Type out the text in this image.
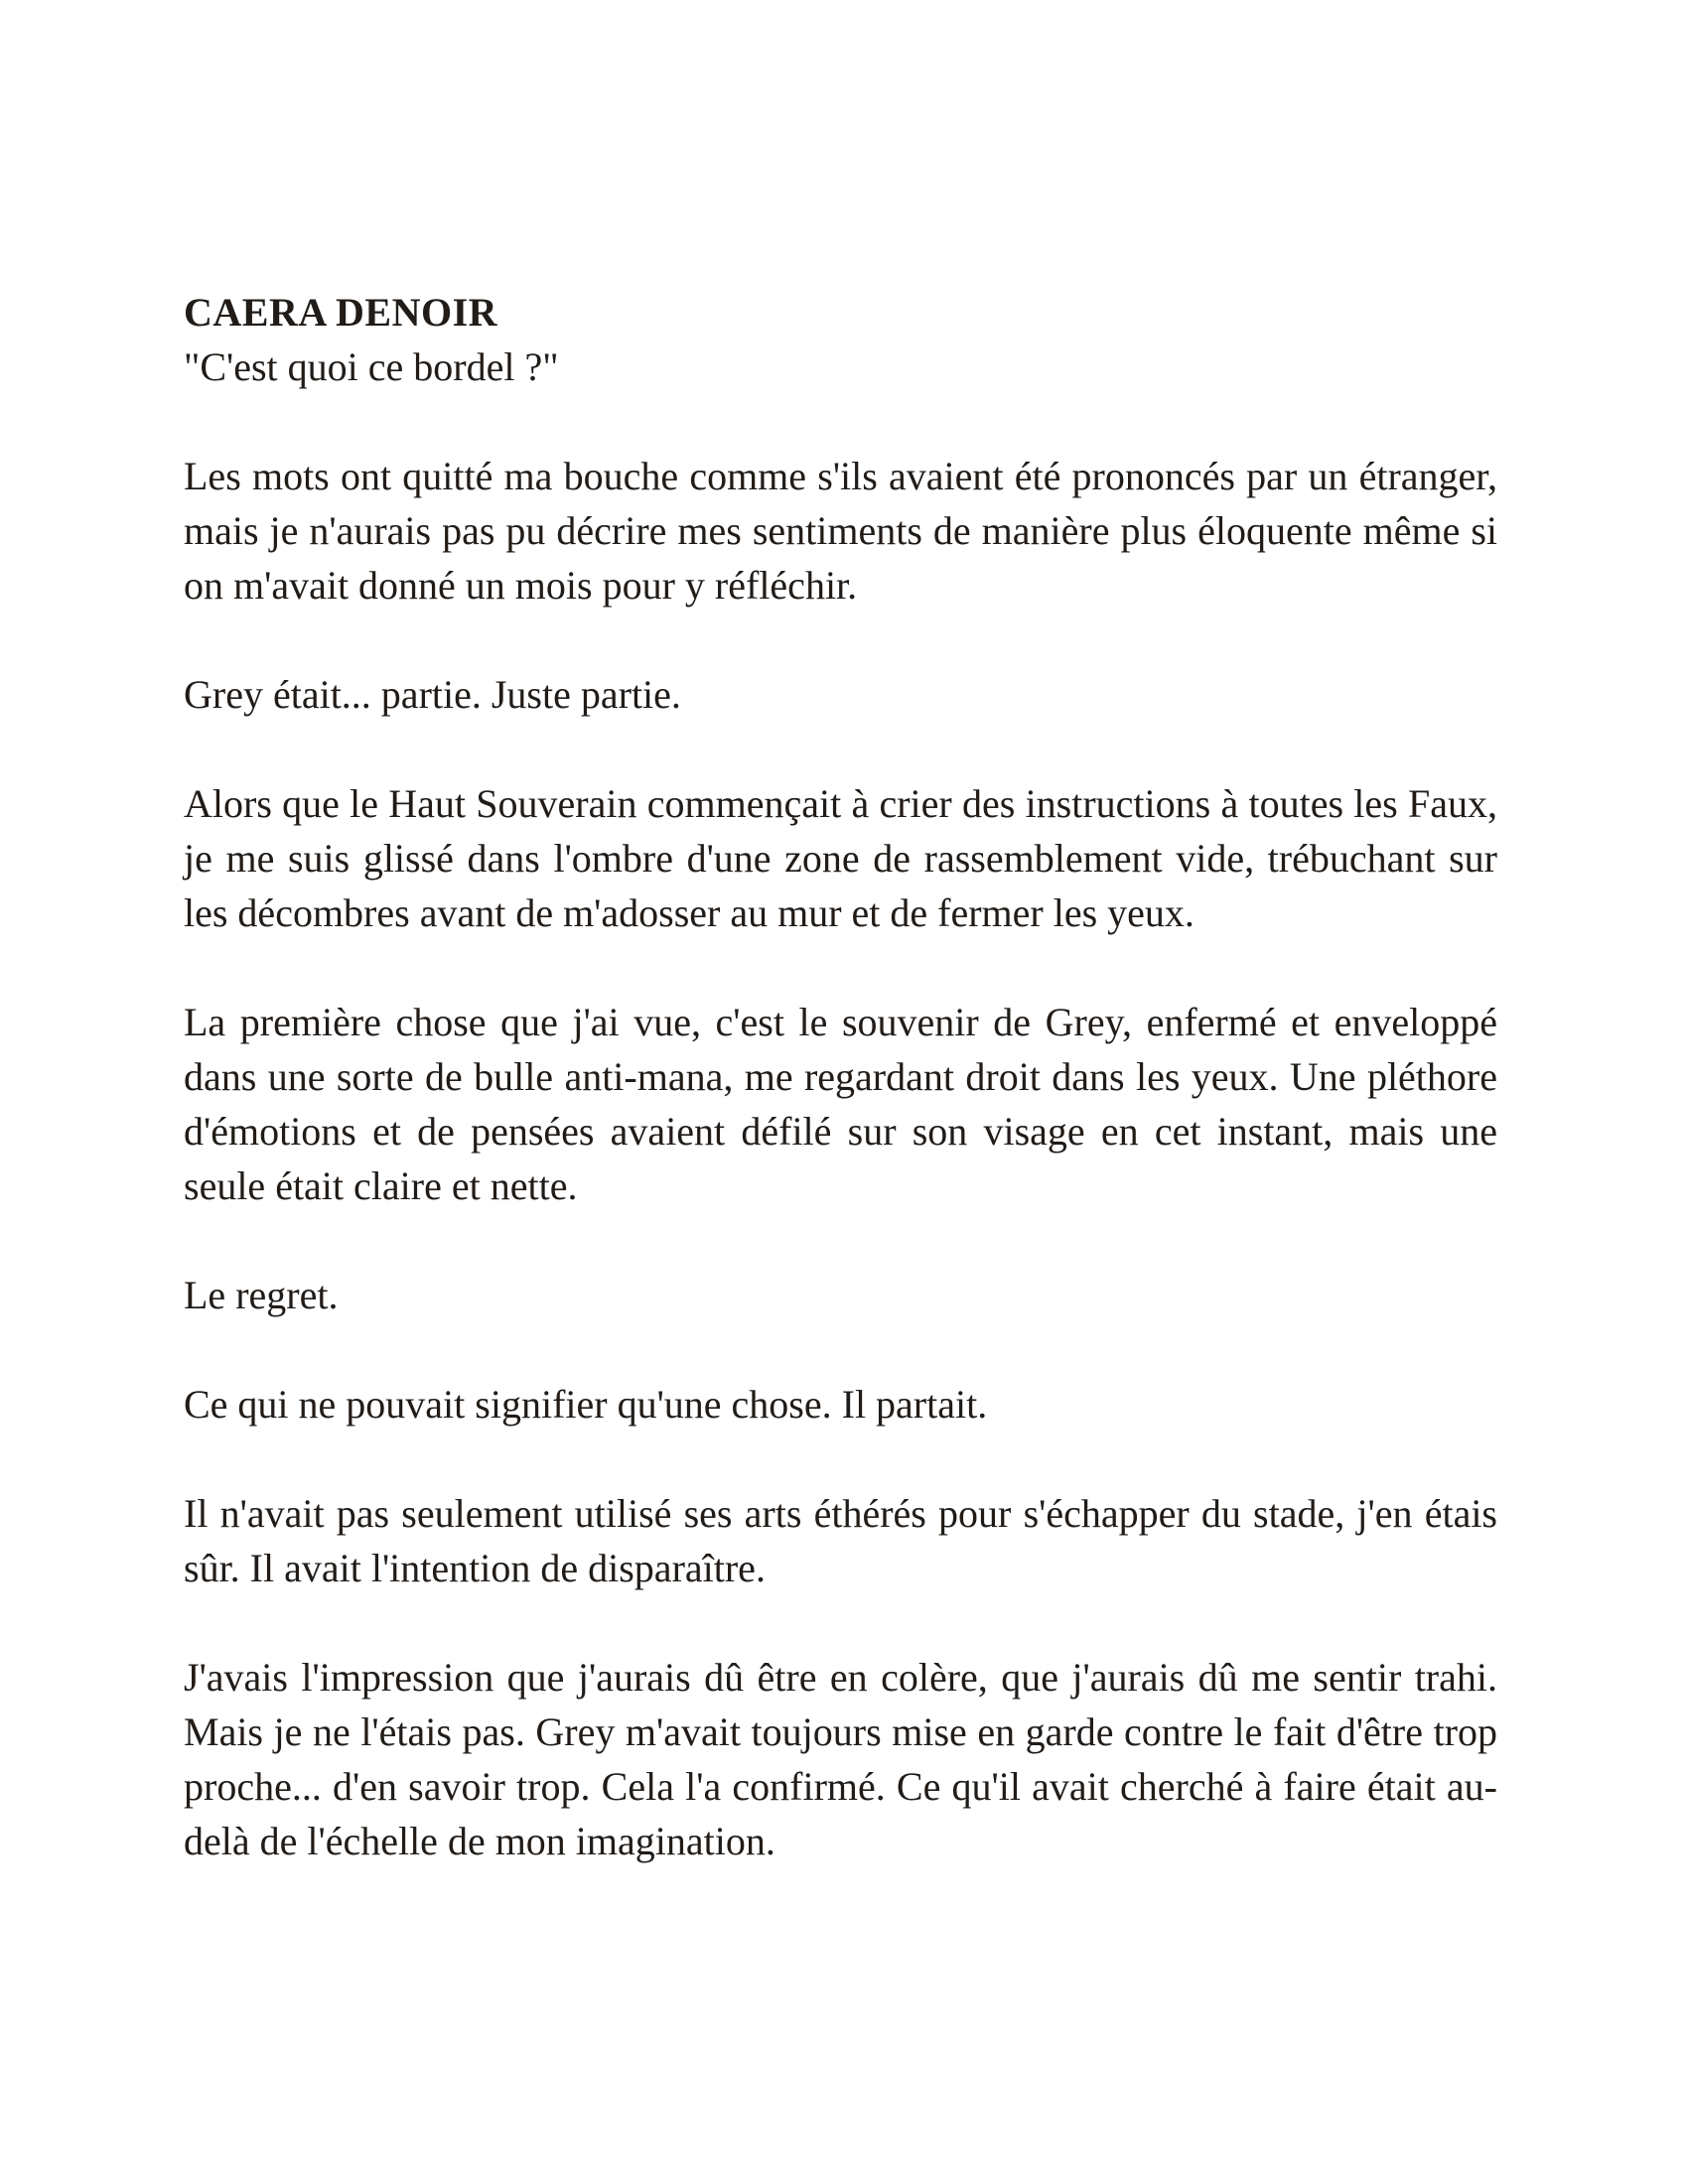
CAERA DENOIR

"C'est quoi ce bordel ?"

Les mots ont quitté ma bouche comme s'ils avaient été prononcés par un étranger, mais je n'aurais pas pu décrire mes sentiments de manière plus éloquente même si on m'avait donné un mois pour y réfléchir.

Grey était... partie. Juste partie.

Alors que le Haut Souverain commençait à crier des instructions à toutes les Faux, je me suis glissé dans l'ombre d'une zone de rassemblement vide, trébuchant sur les décombres avant de m'adosser au mur et de fermer les yeux.

La première chose que j'ai vue, c'est le souvenir de Grey, enfermé et enveloppé dans une sorte de bulle anti-mana, me regardant droit dans les yeux. Une pléthore d'émotions et de pensées avaient défilé sur son visage en cet instant, mais une seule était claire et nette.

Le regret.

Ce qui ne pouvait signifier qu'une chose. Il partait.

Il n'avait pas seulement utilisé ses arts éthérés pour s'échapper du stade, j'en étais sûr. Il avait l'intention de disparaître.

J'avais l'impression que j'aurais dû être en colère, que j'aurais dû me sentir trahi. Mais je ne l'étais pas. Grey m'avait toujours mise en garde contre le fait d'être trop proche... d'en savoir trop. Cela l'a confirmé. Ce qu'il avait cherché à faire était au-delà de l'échelle de mon imagination.
